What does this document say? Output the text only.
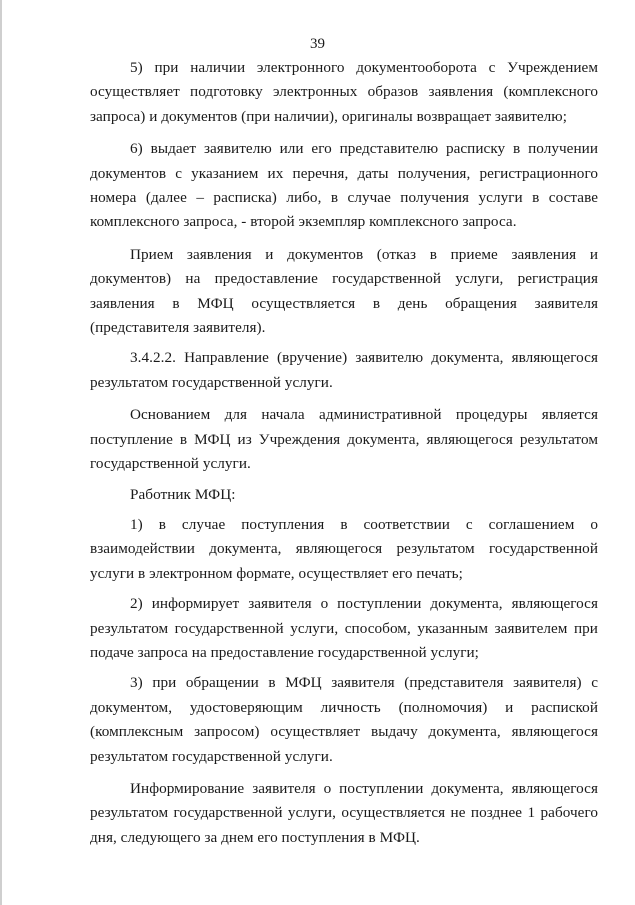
39

5) при наличии электронного документооборота с Учреждением осуществляет подготовку электронных образов заявления (комплексного запроса) и документов (при наличии), оригиналы возвращает заявителю;

6) выдает заявителю или его представителю расписку в получении документов с указанием их перечня, даты получения, регистрационного номера (далее – расписка) либо, в случае получения услуги в составе комплексного запроса, - второй экземпляр комплексного запроса.

Прием заявления и документов (отказ в приеме заявления и документов) на предоставление государственной услуги, регистрация заявления в МФЦ осуществляется в день обращения заявителя (представителя заявителя).

3.4.2.2. Направление (вручение) заявителю документа, являющегося результатом государственной услуги.

Основанием для начала административной процедуры является поступление в МФЦ из Учреждения документа, являющегося результатом государственной услуги.

Работник МФЦ:

1) в случае поступления в соответствии с соглашением о взаимодействии документа, являющегося результатом государственной услуги в электронном формате, осуществляет его печать;

2) информирует заявителя о поступлении документа, являющегося результатом государственной услуги, способом, указанным заявителем при подаче запроса на предоставление государственной услуги;

3) при обращении в МФЦ заявителя (представителя заявителя) с документом, удостоверяющим личность (полномочия) и распиской (комплексным запросом) осуществляет выдачу документа, являющегося результатом государственной услуги.

Информирование заявителя о поступлении документа, являющегося результатом государственной услуги, осуществляется не позднее 1 рабочего дня, следующего за днем его поступления в МФЦ.
